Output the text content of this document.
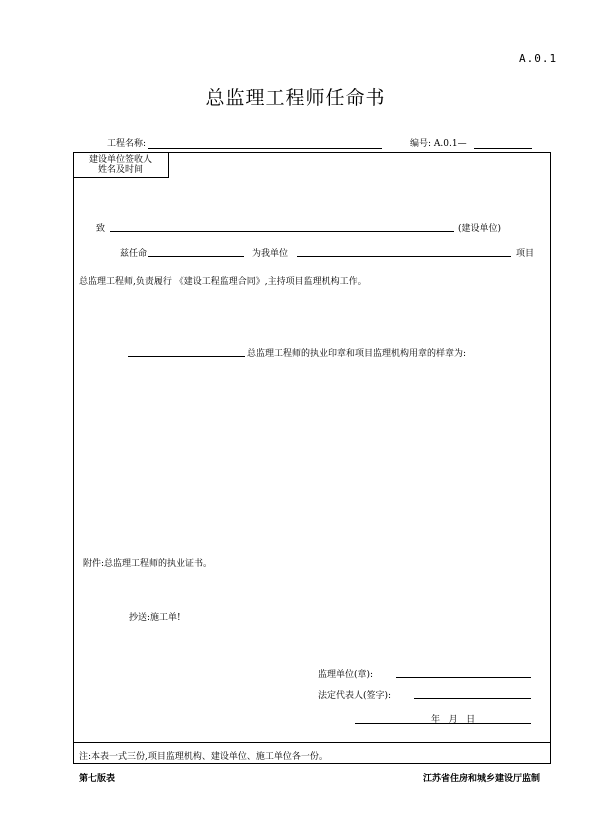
A.0.1
总监理工程师任命书
工程名称:	编号: A.0.1—
建设单位签收人
姓名及时间
致	(建设单位)
兹任命	为我单位	项目
总监理工程师,负责履行 《建设工程监理合同》,主持项目监理机构工作。
总监理工程师的执业印章和项目监理机构用章的样章为:
附件:总监理工程师的执业证书。
抄送:施工单!
监理单位(章):
法定代表人(签字):
年   月   日
注:本表一式三份,项目监理机构、建设单位、施工单位各一份。
第七版表	江苏省住房和城乡建设厅监制
